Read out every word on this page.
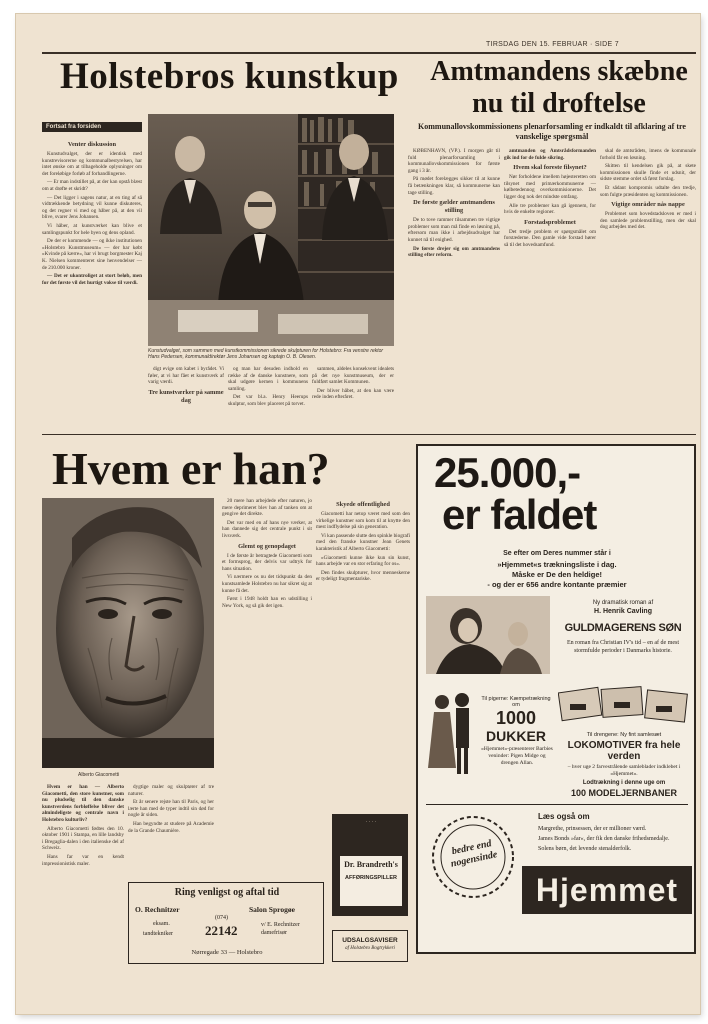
TIRSDAG DEN 15. FEBRUAR · SIDE 7
Holstebros kunstkup
Fortsat fra forsiden
Venter diskussion

Kunstudvalget, der er identisk med kunstrevisorerne og kommunalbestyrelsen, har intet ønske om at tilbageholde oplysninger om det foreløbige forløb af forhandlingerne.

— Er man indstillet på, at der kan opstå blæst om at drøfte et skridt?

— Det ligger i sagens natur, at en ting af så vidtrækkende betydning vil kunne diskuteres, og det regner vi med og håber på, at den vil blive, svarer Jens Johansen.

Vi håber, at kunstværket kan blive et samlingspunkt for hele byen og dens opland.

De der er kommende — og ikke institutionen »Holstebro Kunstmuseum« — der har købt »Kvinde på kærre«, har vi brugt borgmester Kaj K. Nielsen kommenteret sine henvendelser — de 210.000 kroner.

— Det er ukontroliget at stort beløb, men for det første vil det hurtigt vokse til værdi.

Kunstudvalget, som sammen med kunstkommissionen sikrede skulpturen for Holstebro: Fra venstre rektor Hans Pedersen, kommunaldirektør Jens Johansen og kaptajn O. B. Olesen.

digt evige om kabet i byrådet. Vi føler, at vi har fået et kunstværk af varig værdi.

Tre kunstværker på samme dag

og man har desuden indhold en række af de danske kunstnere, som skal udgøre kernen i kommunens samling.

Det var bl.a. Henry Heerups skulptur, som blev placeret på torvet.

sammen, aldeles konsekvent idealets på det nye kunstmuseum, der er fuldført samlet Kommunen.

Der bliver håbet, at den kan være rede inden efteråret.

Amtmandens skæbne
nu til droftelse
Kommunallovskommissionens plenarforsamling er indkaldt til afklaring af tre vanskelige spørgsmål

KØBENHAVN, (VP.). I morgen går til fuld plenarforsamling i kommunallovskommissionen for første gang i 3 år.

På mødet forelægges sikker til at kunne få betænkningen klar, så kommunerne kan tage stilling.

De første gælder amtmandens stilling

De to tove rammer tilsammen tre vigtige problemer som man må finde en løsning på, eftersom man ikke i arbejdsudvalget har kunnet nå til enighed.

De første drejer sig om amtmandens stilling efter reform.

amtmanden og Amtsrådsformanden gik ind for de fulde sikring.

Hvem skal foreste filsynet?

Nør forholdene imellem højesteretten om tilsynet med primærkommunerne — kølbetedennog overkommisionerne. Det ligger dog nok det mindste omfang.

Alle tre problemer kan gå igennem, for hvis de enkelte regioner.

Forstadsproblemet

Det tredje problem er spørgsmålet om forstæderne. Den gamle vide forstad hører så til det hovedsamfund.

skal de amtsrådets, imens de kommunale forhold får en løsning.

Skitten til kendelsen gik på, at skete kommissionen skulle finde et udsnit, der sidste stemme ordet så først forslag.

Et sådant kompromis udtalte den tredje, som fulgte præsidenten og kommissionen.

Vigtige områder nås nappe

Problemet som hovedstadsloven er med i den samlede problemstilling, men der skal dog arbejdes med det.

Hvem er han?
Alberto Giacometti

Hvem er han — Alberto Giacometti, den store kunstner, som nu pludselig til den danske kunstverdens forbløffelse bliver det almindeligste og centrale navn i Holstebro kulturliv?

Alberto Giacometti fødtes den 10. oktober 1901 i Stampa, en lille landsby i Bregaglia-dalen i den italienske del af Schweiz.

Hans far var en kendt impressionistisk maler.

dygtige maler og skulptører af tre naturer.

Et år senere rejste han til Paris, og her lærte han med de typer indtil sin død for nogle år siden.

Han begyndte at studere på Academie de la Grande Chaumière.

20 mere han arbejdede efter naturen, jo mere deprimeret blev han af tanken om at gengive det direkte.

Det var med en af hans nye værker, at han dannede sig det centrale punkt i sit livsværk.

Glemt og genopdaget

I de første år betragtede Giacometti som et formsprog, der delvis var udtryk for hans situation.

Vi nærmere os nu det tidspunkt da den kunstsamlede Holstebro nu har sikret sig at kunne få det.

Først i 1948 holdt han en udstilling i New York, og så gik det igen.

Skyede offentlighed

Giacometti har netop været med som den virkelige kunstner som kom til at knytte den mest indflydelse på sin generation.

Vi kan passende slutte den spinkle biografi med den franske kunstner Jean Genets karakteristik af Alberto Giacometti:

»Giacometti kunne ikke kun sin kunst, hans arbejde var en stor erfaring for os«.

Den findes skulpturer, hvor menneskerne er tydeligt fragmentariske.

Ring venligst og aftal tid
O. Rechnitzer	Salon Sprogøe
(074)
22142
eksam.
tandtekniker
v/ E. Rechnitzer damefrisør
Nørregade 33 — Holstebro
· · · ·
Dr. Brandreth's
AFFØRINGSPILLER
UDSALGSAVISER
af Holstebro Bogtrykkeri
25.000,-
er faldet
Se efter om Deres nummer står i
»Hjemmet«s trækningsliste i dag.
Måske er De den heldige!
- og der er 656 andre kontante præmier
Ny dramatisk roman af
H. Henrik Cavling
GULDMAGERENS SØN
En roman fra Christian IV's tid – en af de mest stormfulde perioder i Danmarks historie.
Til pigerne: Kæmpetrækning om
1000
DUKKER
»Hjemmet«-præsenterer Barbies veninder: Pigen Midge og drengen Allan.
Til drengene: Ny fint samlesæt
LOKOMOTIVER fra hele verden
– hver uge 2 farvestrålende samleblader indklebet i »Hjemmet«.
Lodtrækning i denne uge om
100 MODELJERNBANER
Læs også om
Margrethe, prinsessen, der er millioner værd.
James Bonds »far«, der fik den danske frihedsmedalje.
Solens børn, det levende stenalderfolk.
bedre end nogensinde
Hjemmet
